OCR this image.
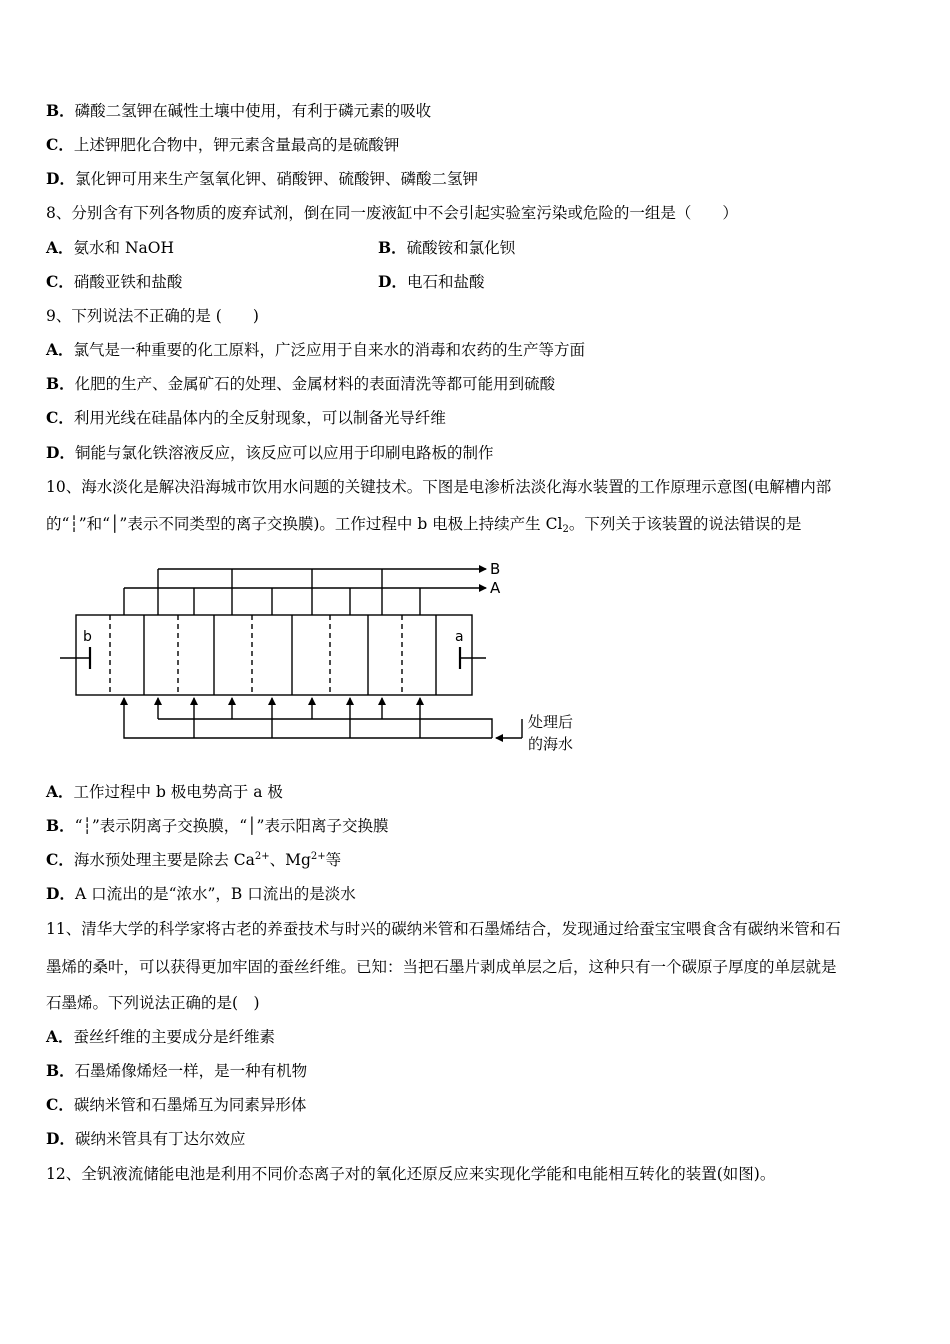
B．磷酸二氢钾在碱性土壤中使用，有利于磷元素的吸收
C．上述钾肥化合物中，钾元素含量最高的是硫酸钾
D．氯化钾可用来生产氢氧化钾、硝酸钾、硫酸钾、磷酸二氢钾
8、分别含有下列各物质的废弃试剂，倒在同一废液缸中不会引起实验室污染或危险的一组是（　　）
A．氨水和 NaOH	B．硫酸铵和氯化钡
C．硝酸亚铁和盐酸	D．电石和盐酸
9、下列说法不正确的是 (　　)
A．氯气是一种重要的化工原料，广泛应用于自来水的消毒和农药的生产等方面
B．化肥的生产、金属矿石的处理、金属材料的表面清洗等都可能用到硫酸
C．利用光线在硅晶体内的全反射现象，可以制备光导纤维
D．铜能与氯化铁溶液反应，该反应可以应用于印刷电路板的制作
10、海水淡化是解决沿海城市饮用水问题的关键技术。下图是电渗析法淡化海水装置的工作原理示意图(电解槽内部
的“┆”和“│”表示不同类型的离子交换膜)。工作过程中 b 电极上持续产生 $Cl_2$。下列关于该装置的说法错误的是
B
A
b	a
处理后
的海水
A．工作过程中 b 极电势高于 a 极
B．“┆”表示阴离子交换膜，“│”表示阳离子交换膜
C．海水预处理主要是除去 $Ca^{2+}$、$Mg^{2+}$等
D．A 口流出的是“浓水”，B 口流出的是淡水
11、清华大学的科学家将古老的养蚕技术与时兴的碳纳米管和石墨烯结合，发现通过给蚕宝宝喂食含有碳纳米管和石
墨烯的桑叶，可以获得更加牢固的蚕丝纤维。已知：当把石墨片剥成单层之后，这种只有一个碳原子厚度的单层就是
石墨烯。下列说法正确的是(　)
A．蚕丝纤维的主要成分是纤维素
B．石墨烯像烯烃一样，是一种有机物
C．碳纳米管和石墨烯互为同素异形体
D．碳纳米管具有丁达尔效应
12、全钒液流储能电池是利用不同价态离子对的氧化还原反应来实现化学能和电能相互转化的装置(如图)。
